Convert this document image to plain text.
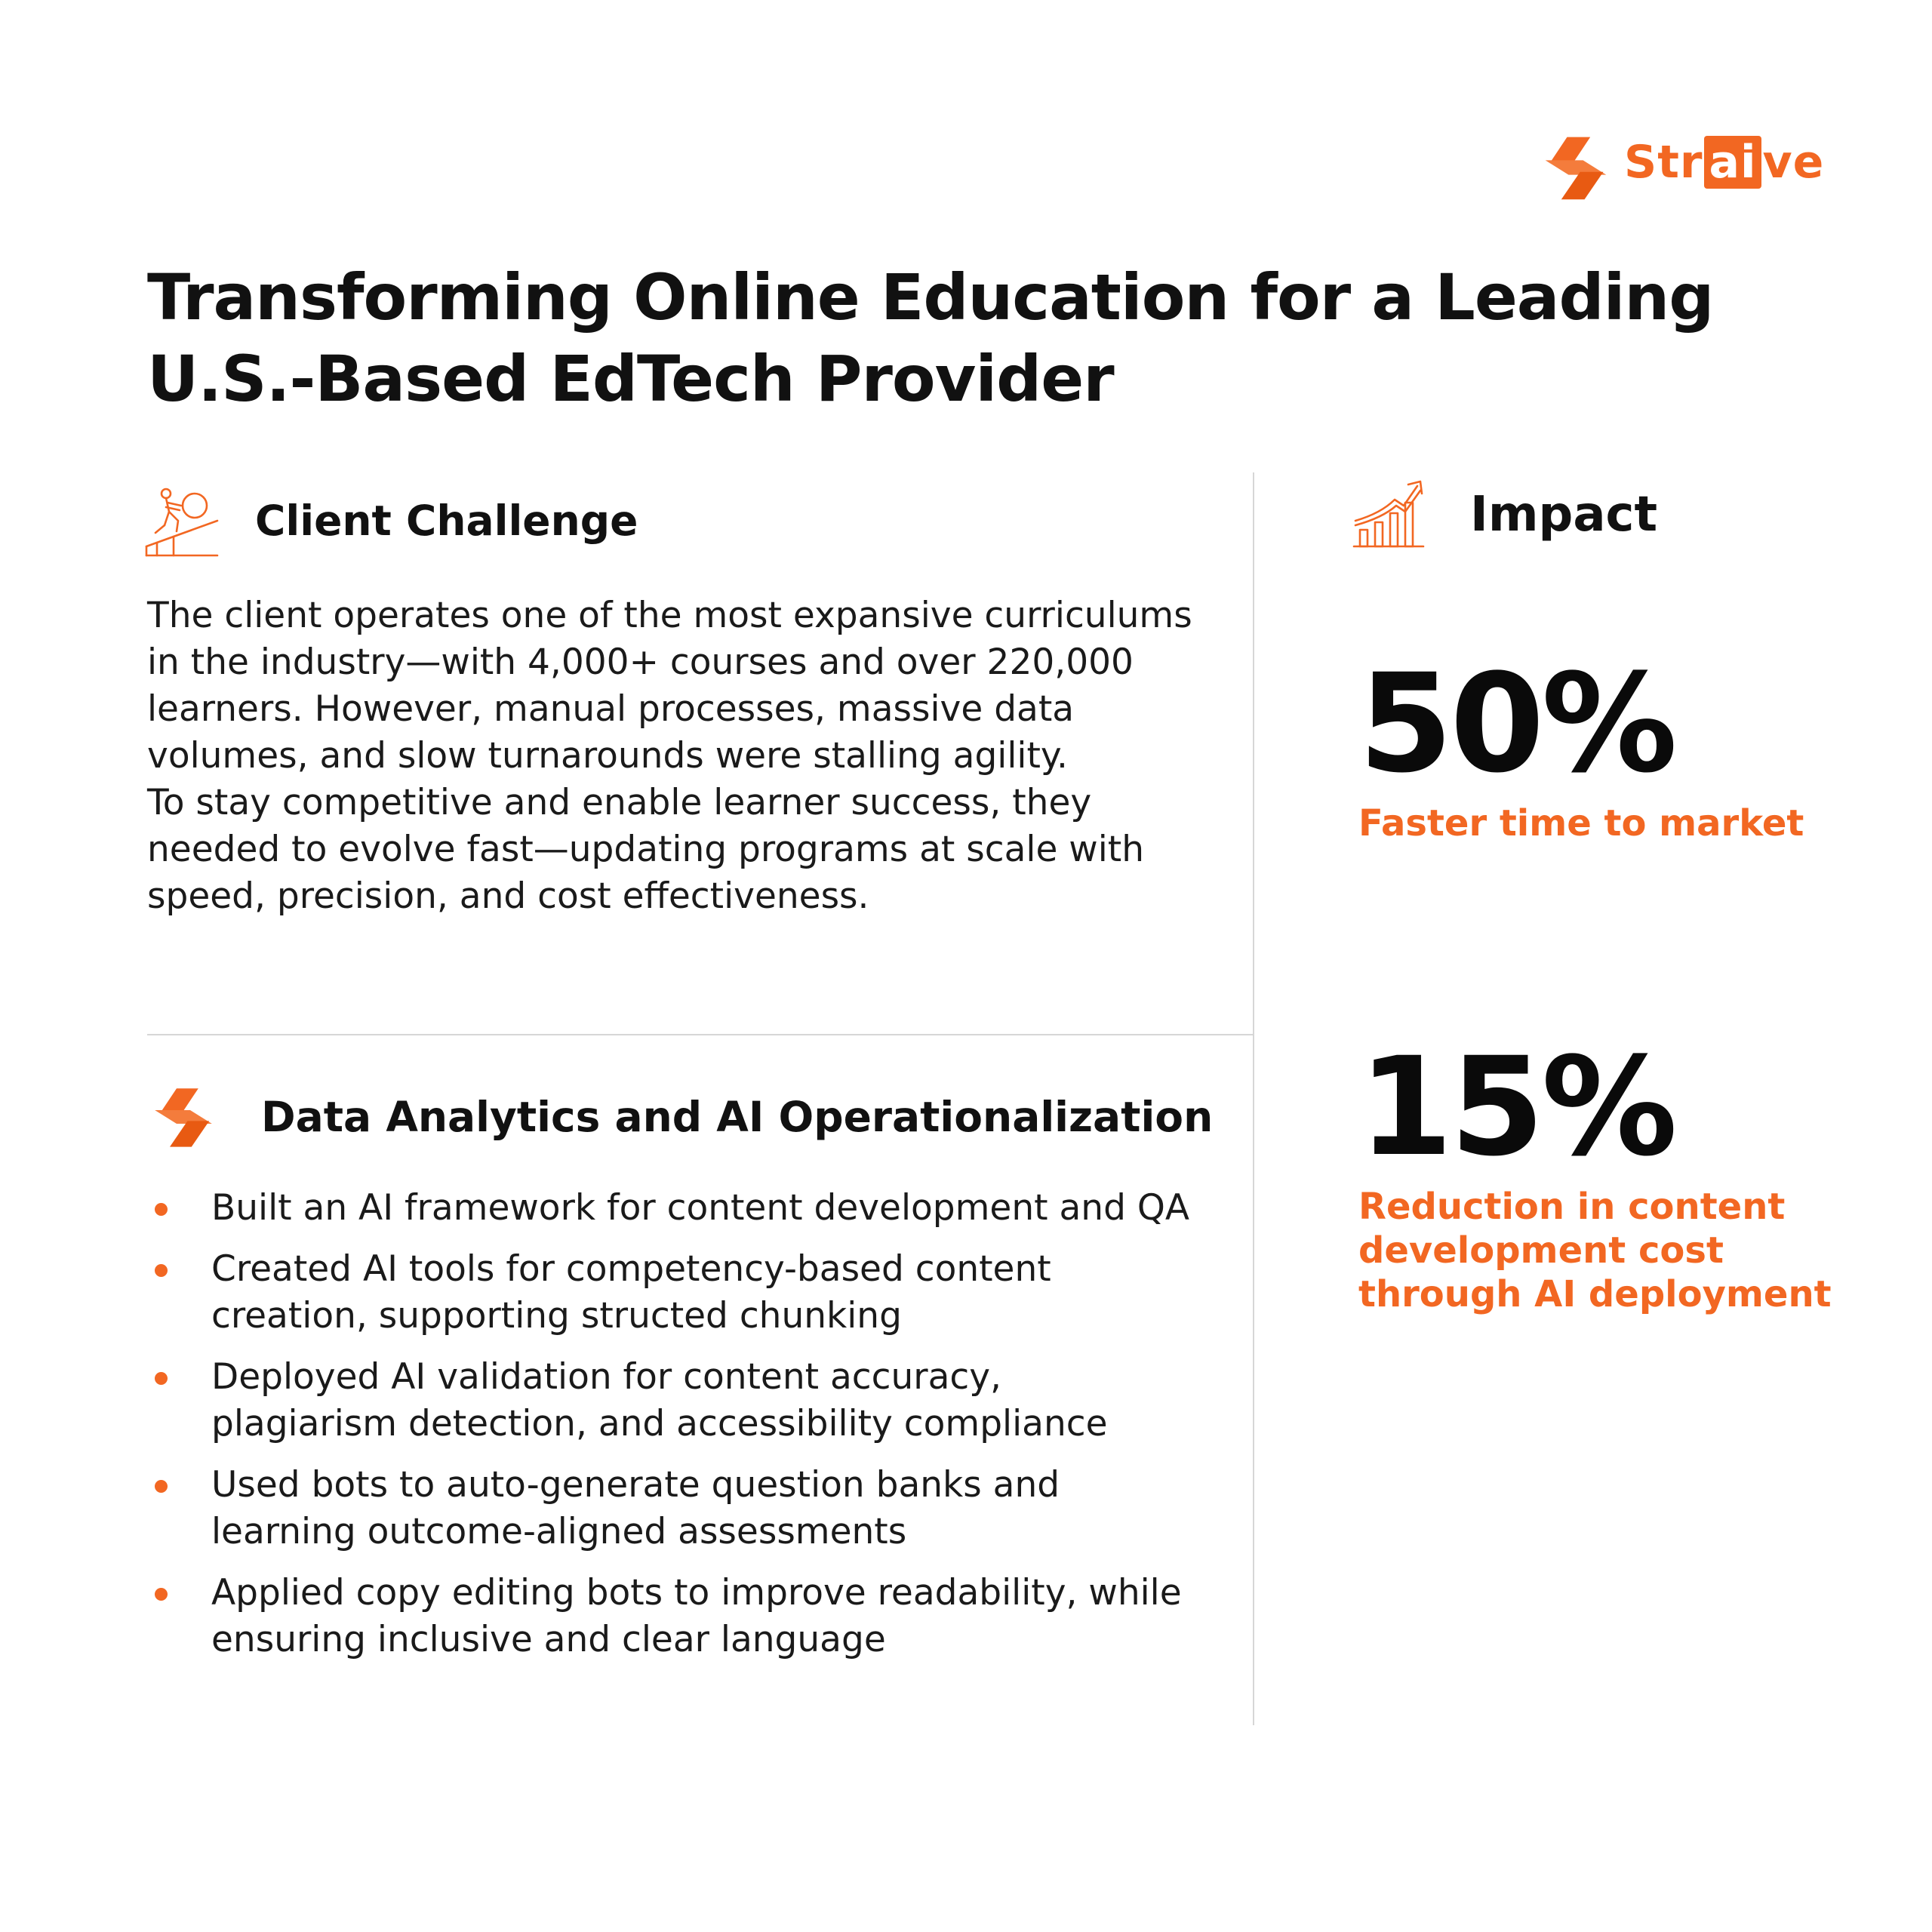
Str ai ve
Transforming Online Education for a Leading
U.S.-Based EdTech Provider
Client Challenge
The client operates one of the most expansive curriculums
in the industry—with 4,000+ courses and over 220,000
learners. However, manual processes, massive data
volumes, and slow turnarounds were stalling agility.
To stay competitive and enable learner success, they
needed to evolve fast—updating programs at scale with
speed, precision, and cost effectiveness.
Data Analytics and AI Operationalization
Built an AI framework for content development and QA
Created AI tools for competency-based content
creation, supporting structed chunking
Deployed AI validation for content accuracy,
plagiarism detection, and accessibility compliance
Used bots to auto-generate question banks and
learning outcome-aligned assessments
Applied copy editing bots to improve readability, while
ensuring inclusive and clear language
Impact
50%
Faster time to market
15%
Reduction in content
development cost
through AI deployment
